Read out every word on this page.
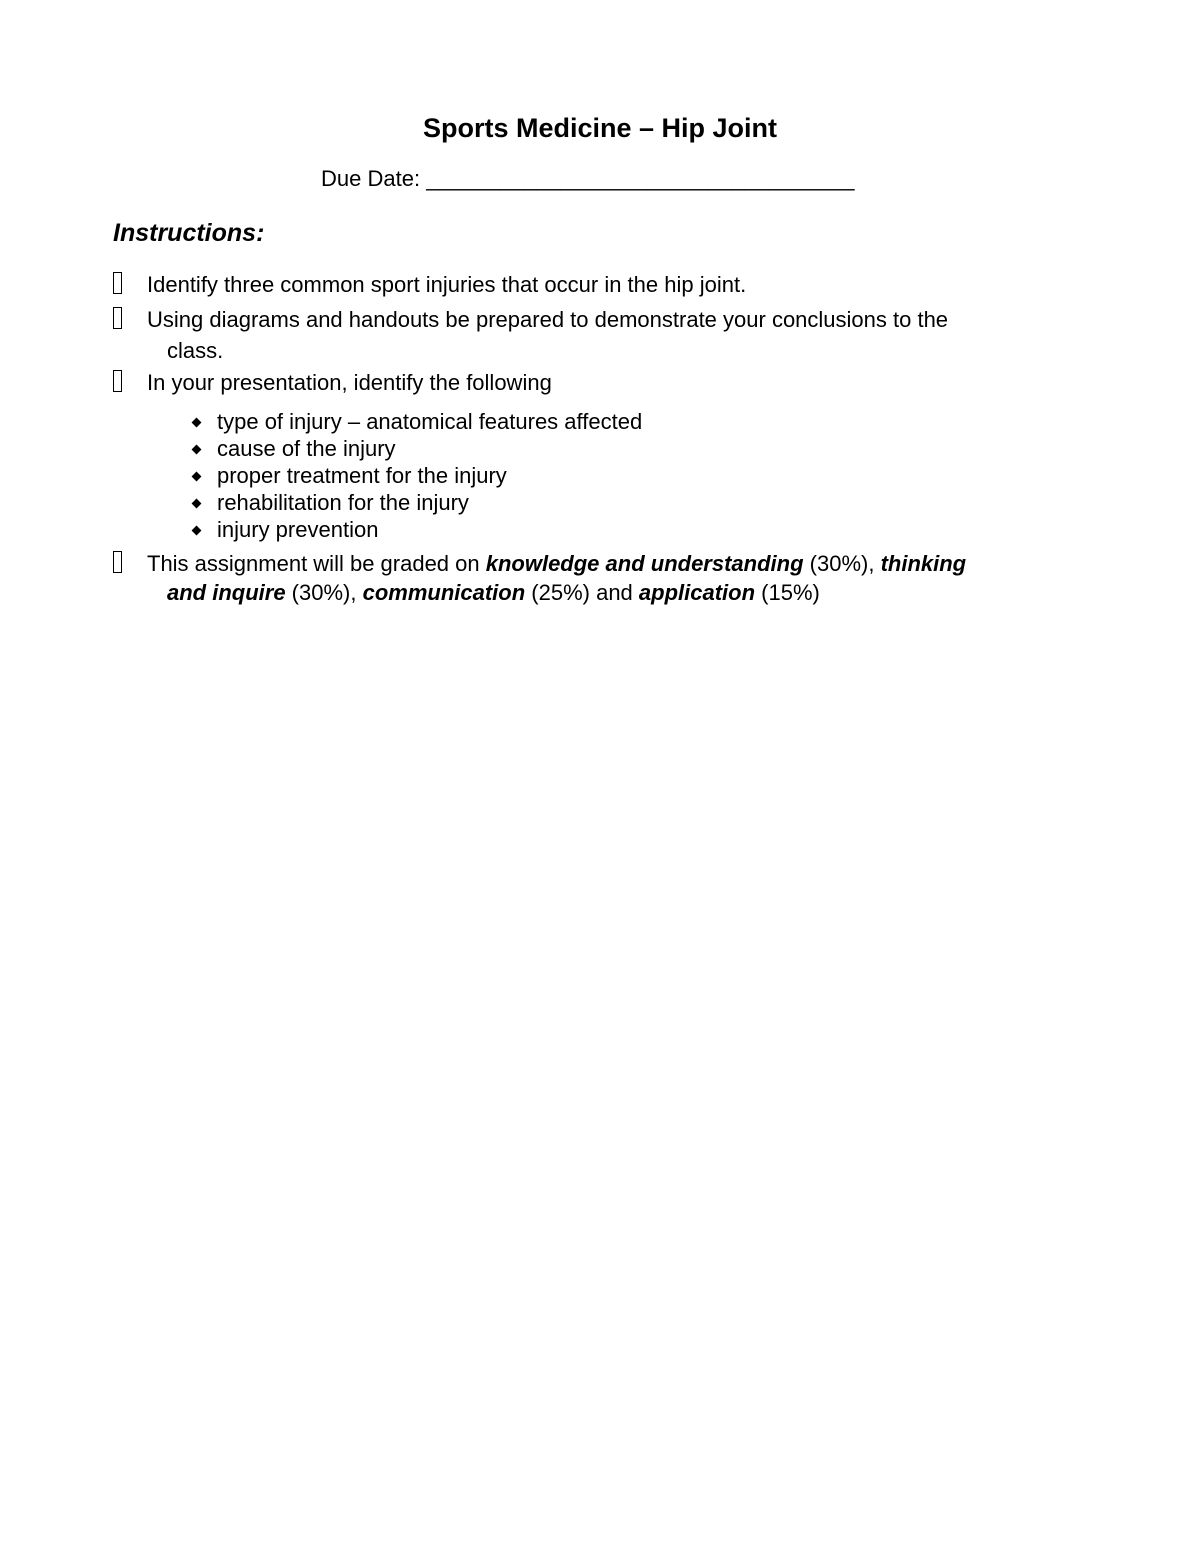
Sports Medicine – Hip Joint
Due Date: ___________________________________
Instructions:
Identify three common sport injuries that occur in the hip joint.
Using diagrams and handouts be prepared to demonstrate your conclusions to the
class.
In your presentation, identify the following
type of injury – anatomical features affected
cause of the injury
proper treatment for the injury
rehabilitation for the injury
injury prevention
This assignment will be graded on knowledge and understanding (30%), thinking
and inquire (30%), communication (25%) and application (15%)
